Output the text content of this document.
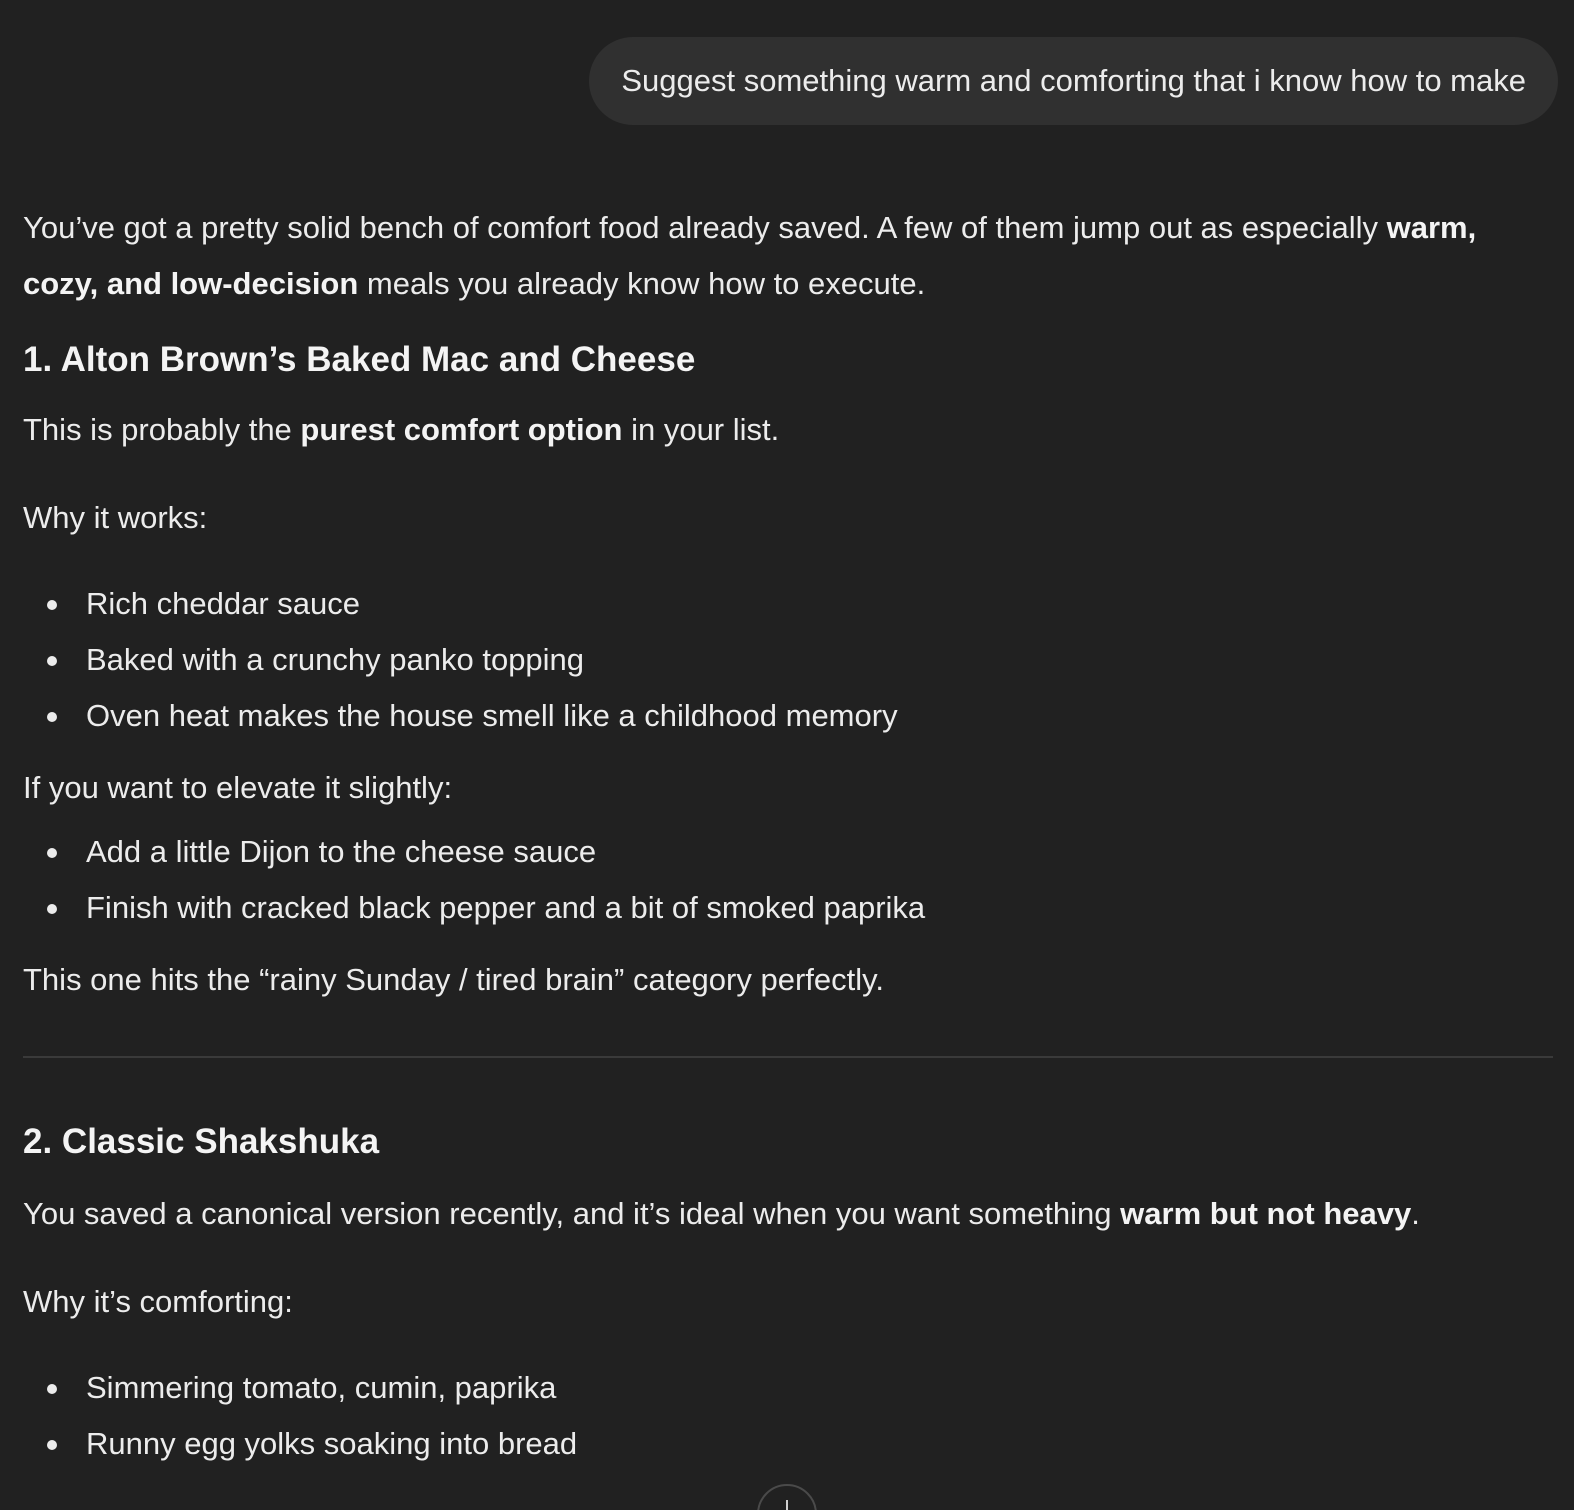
Suggest something warm and comforting that i know how to make

You’ve got a pretty solid bench of comfort food already saved. A few of them jump out as especially warm, cozy, and low-decision meals you already know how to execute.

1. Alton Brown’s Baked Mac and Cheese

This is probably the purest comfort option in your list.

Why it works:

Rich cheddar sauce
Baked with a crunchy panko topping
Oven heat makes the house smell like a childhood memory

If you want to elevate it slightly:

Add a little Dijon to the cheese sauce
Finish with cracked black pepper and a bit of smoked paprika

This one hits the “rainy Sunday / tired brain” category perfectly.

2. Classic Shakshuka

You saved a canonical version recently, and it’s ideal when you want something warm but not heavy.

Why it’s comforting:

Simmering tomato, cumin, paprika
Runny egg yolks soaking into bread
